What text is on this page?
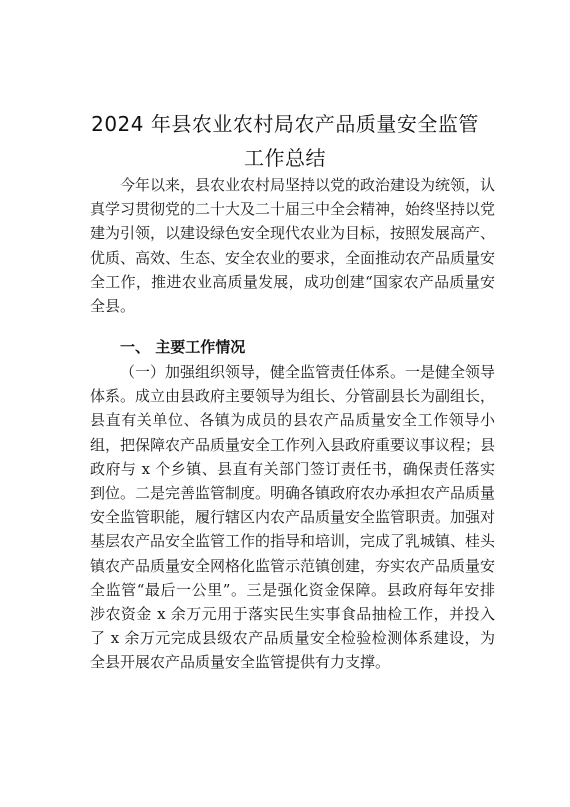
2024 年县农业农村局农产品质量安全监管
工作总结

今年以来，县农业农村局坚持以党的政治建设为统领，认真学习贯彻党的二十大及二十届三中全会精神，始终坚持以党建为引领，以建设绿色安全现代农业为目标，按照发展高产、优质、高效、生态、安全农业的要求，全面推动农产品质量安全工作，推进农业高质量发展，成功创建“国家农产品质量安全县。

一、 主要工作情况

（一）加强组织领导，健全监管责任体系。一是健全领导体系。成立由县政府主要领导为组长、分管副县长为副组长，县直有关单位、各镇为成员的县农产品质量安全工作领导小组，把保障农产品质量安全工作列入县政府重要议事议程；县政府与 x 个乡镇、县直有关部门签订责任书，确保责任落实到位。二是完善监管制度。明确各镇政府农办承担农产品质量安全监管职能，履行辖区内农产品质量安全监管职责。加强对基层农产品安全监管工作的指导和培训，完成了乳城镇、桂头镇农产品质量安全网格化监管示范镇创建，夯实农产品质量安全监管“最后一公里”。三是强化资金保障。县政府每年安排涉农资金 x 余万元用于落实民生实事食品抽检工作，并投入了 x 余万元完成县级农产品质量安全检验检测体系建设，为全县开展农产品质量安全监管提供有力支撑。
